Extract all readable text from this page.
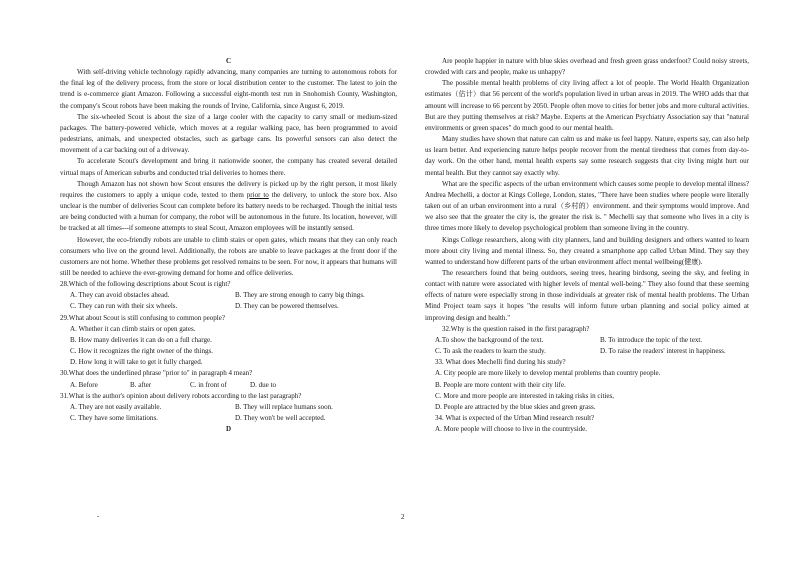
C

With self-driving vehicle technology rapidly advancing, many companies are turning to autonomous robots for the final leg of the delivery process, from the store or local distribution center to the customer. The latest to join the trend is e-commerce giant Amazon. Following a successful eight-month test run in Snohomish County, Washington, the company's Scout robots have been making the rounds of Irvine, California, since August 6, 2019.

The six-wheeled Scout is about the size of a large cooler with the capacity to carry small or medium-sized packages. The battery-powered vehicle, which moves at a regular walking pace, has been programmed to avoid pedestrians, animals, and unexpected obstacles, such as garbage cans. Its powerful sensors can also detect the movement of a car backing out of a driveway.

To accelerate Scout's development and bring it nationwide sooner, the company has created several detailed virtual maps of American suburbs and conducted trial deliveries to homes there.

Though Amazon has not shown how Scout ensures the delivery is picked up by the right person, it most likely requires the customers to apply a unique code, texted to them prior to the delivery, to unlock the store box. Also unclear is the number of deliveries Scout can complete before its battery needs to be recharged. Though the initial tests are being conducted with a human for company, the robot will be autonomous in the future. Its location, however, will be tracked at all times---if someone attempts to steal Scout, Amazon employees will be instantly sensed.

However, the eco-friendly robots are unable to climb stairs or open gates, which means that they can only reach consumers who live on the ground level. Additionally, the robots are unable to leave packages at the front door if the customers are not home. Whether these problems get resolved remains to be seen. For now, it appears that humans will still be needed to achieve the ever-growing demand for home and office deliveries.

28.Which of the following descriptions about Scout is right?

A. They can avoid obstacles ahead.	B. They are strong enough to carry big things.
C. They can run with their six wheels.	D. They can be powered themselves.

29.What about Scout is still confusing to common people?

A. Whether it can climb stairs or open gates.

B. How many deliveries it can do on a full charge.

C. How it recognizes the right owner of the things.

D. How long it will take to get it fully charged.

30.What does the underlined phrase "prior to" in paragraph 4 mean?

A. Before	B. after	C. in front of	D. due to

31.What is the author's opinion about delivery robots according to the last paragraph?

A. They are not easily available.	B. They will replace humans soon.
C. They have some limitations.	D. They won't be well accepted.

D

Are people happier in nature with blue skies overhead and fresh green grass underfoot? Could noisy streets, crowded with cars and people, make us unhappy?

The possible mental health problems of city living affect a lot of people. The World Health Organization estimates（估计）that 56 percent of the world's population lived in urban areas in 2019. The WHO adds that that amount will increase to 66 percent by 2050. People often move to cities for better jobs and more cultural activities. But are they putting themselves at risk? Maybe. Experts at the American Psychiatry Association say that "natural environments or green spaces" do much good to our mental health.

Many studies have shown that nature can calm us and make us feel happy. Nature, experts say, can also help us learn better. And experiencing nature helps people recover from the mental tiredness that comes from day-to-day work. On the other hand, mental health experts say some research suggests that city living might hurt our mental health. But they cannot say exactly why.

What are the specific aspects of the urban environment which causes some people to develop mental illness? Andrea Mechelli, a doctor at Kings College, London, states, "There have been studies where people were literally taken out of an urban environment into a rural（乡村的）environment. and their symptoms would improve. And we also see that the greater the city is, the greater the risk is. " Mechelli say that someone who lives in a city is three times more likely to develop psychological problem than someone living in the country.

Kings College researchers, along with city planners, land and building designers and others wanted to learn more about city living and mental illness. So, they created a smartphone app called Urban Mind. They say they wanted to understand how different parts of the urban environment affect mental wellbeing(健康).

The researchers found that being outdoors, seeing trees, hearing birdsong, seeing the sky, and feeling in contact with nature were associated with higher levels of mental well-being." They also found that these seeming effects of nature were especially strong in those individuals at greater risk of mental health problems. The Urban Mind Project team says it hopes "the results will inform future urban planning and social policy aimed at improving design and health."

32.Why is the question raised in the first paragraph?

A.To show the background of the text.	B. To introduce the topic of the text.
C. To ask the readers to learn the study.	D. To raise the readers' interest in happiness.

33. What does Mechelli find during his study?

A. City people are more likely to develop mental problems than country people.

B. People are more content with their city life.

C. More and more people are interested in taking risks in cities,

D. People are attracted by the blue skies and green grass.

34. What is expected of the Urban Mind research result?

A. More people will choose to live in the countryside.

2
